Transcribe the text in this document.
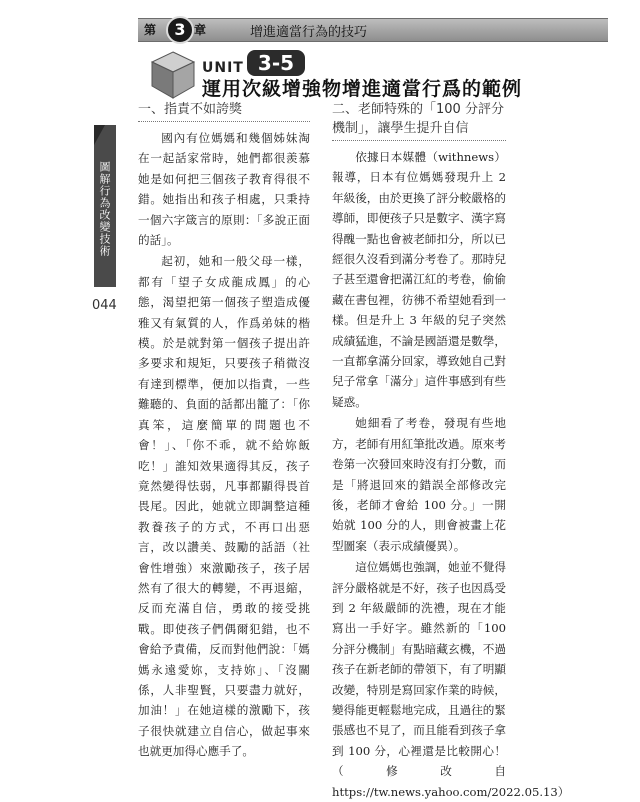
第	3 章	增進適當行為的技巧
UNIT 3-5
運用次級增強物增進適當行爲的範例
圖解行為改變技術
044
一、指責不如誇獎

國內有位媽媽和幾個姊妹淘在一起話家常時，她們都很羨慕她是如何把三個孩子教育得很不錯。她指出和孩子相處，只秉持一個六字箴言的原則：「多說正面的話」。

起初，她和一般父母一樣，都有「望子女成龍成鳳」的心態，渴望把第一個孩子塑造成優雅又有氣質的人，作爲弟妹的楷模。於是就對第一個孩子提出許多要求和規矩，只要孩子稍微沒有達到標準，便加以指責，一些難聽的、負面的話都出籠了：「你真笨，這麼簡單的問題也不會！」、「你不乖，就不給妳飯吃！」誰知效果適得其反，孩子竟然變得怯弱，凡事都顯得畏首畏尾。因此，她就立即調整這種教養孩子的方式，不再口出惡言，改以讚美、鼓勵的話語（社會性增強）來激勵孩子，孩子居然有了很大的轉變，不再退縮，反而充滿自信，勇敢的接受挑戰。即使孩子們偶爾犯錯，也不會給予責備，反而對他們說：「媽媽永遠愛妳，支持妳」、「沒關係，人非聖賢，只要盡力就好，加油！」在她這樣的激勵下，孩子很快就建立自信心，做起事來也就更加得心應手了。

二、老師特殊的「100 分評分機制」，讓學生提升自信

依據日本媒體（withnews）報導，日本有位媽媽發現升上 2 年級後，由於更換了評分較嚴格的導師，即便孩子只是數字、漢字寫得醜一點也會被老師扣分，所以已經很久沒看到滿分考卷了。那時兒子甚至還會把滿江紅的考卷，偷偷藏在書包裡，彷彿不希望她看到一樣。但是升上 3 年級的兒子突然成績猛進，不論是國語還是數學，一直都拿滿分回家，導致她自己對兒子常拿「滿分」這件事感到有些疑惑。

她細看了考卷，發現有些地方，老師有用紅筆批改過。原來考卷第一次發回來時沒有打分數，而是「將退回來的錯誤全部修改完後，老師才會給 100 分。」一開始就 100 分的人，則會被畫上花型圖案（表示成績優異）。

這位媽媽也強調，她並不覺得評分嚴格就是不好，孩子也因爲受到 2 年級嚴師的洗禮，現在才能寫出一手好字。雖然新的「100 分評分機制」有點暗藏玄機，不過孩子在新老師的帶領下，有了明顯改變，特別是寫回家作業的時候，變得能更輕鬆地完成，且過往的緊張感也不見了，而且能看到孩子拿到 100 分，心裡還是比較開心！（修改自 https://tw.news.yahoo.com/2022.05.13）
